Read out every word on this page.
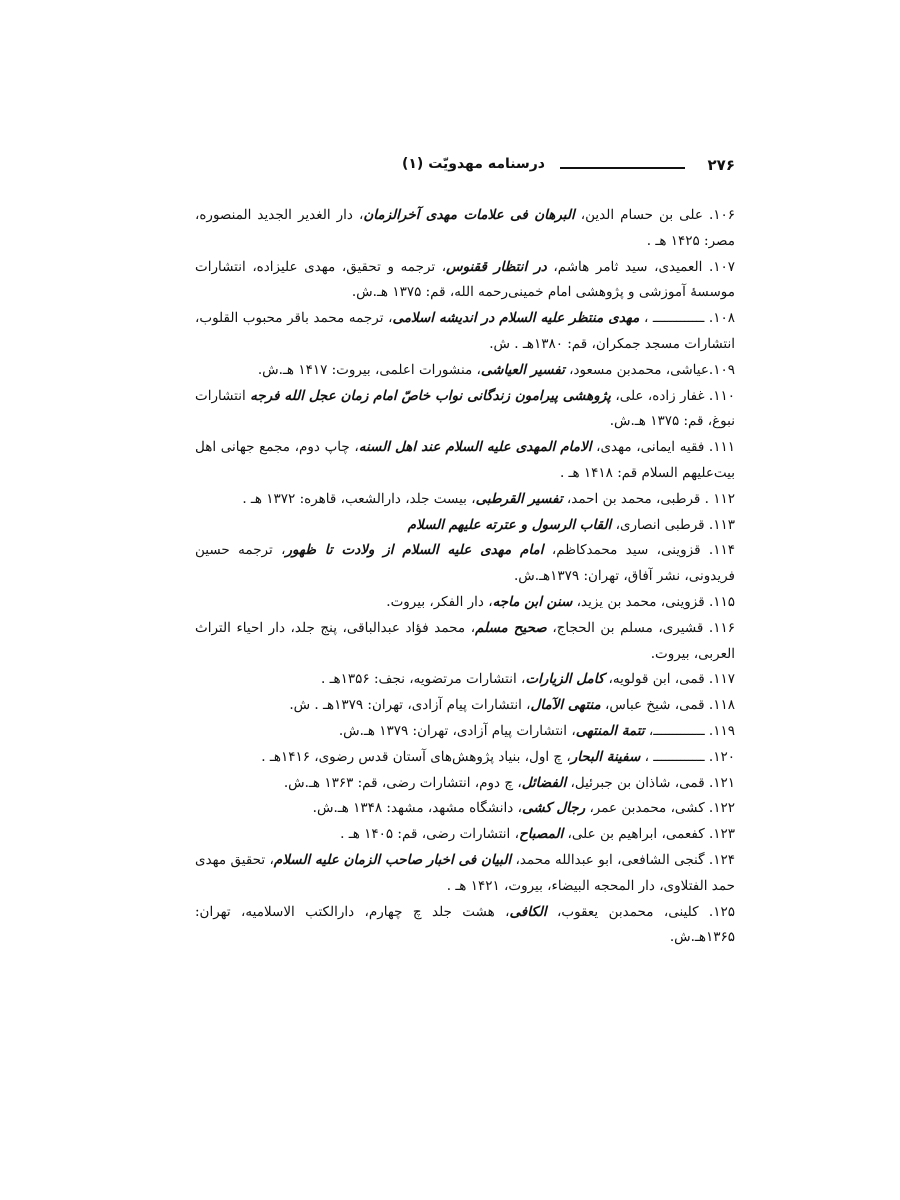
۲۷۶
درسنامه مهدویّت (۱)

۱۰۶. علی بن حسام الدین، البرهان فی علامات مهدی آخرالزمان، دار الغدیر الجدید المنصوره، مصر: ۱۴۲۵ هـ .

۱۰۷. العمیدی، سید ثامر هاشم، در انتظار ققنوس، ترجمه و تحقیق، مهدی علیزاده، انتشارات موسسهٔ آموزشی و پژوهشی امام خمینی‌رحمه الله، قم: ۱۳۷۵ هـ.ش.

۱۰۸. ـــــــــــــ ، مهدی منتظر علیه السلام در اندیشه اسلامی، ترجمه محمد باقر محبوب القلوب، انتشارات مسجد جمکران، قم: ۱۳۸۰هـ . ش.

۱۰۹.عیاشی، محمدبن مسعود، تفسیر العیاشی، منشورات اعلمی، بیروت: ۱۴۱۷ هـ.ش.

۱۱۰. غفار زاده، علی، پژوهشی پیرامون زندگانی نواب خاصّ امام زمان عجل الله فرجه انتشارات نبوغ، قم: ۱۳۷۵ هـ.ش.

۱۱۱. فقیه ایمانی، مهدی، الامام المهدی علیه السلام عند اهل السنه، چاپ دوم، مجمع جهانی اهل بیت‌علیهم السلام قم: ۱۴۱۸ هـ .

۱۱۲ . قرطبی، محمد بن احمد، تفسیر القرطبی، بیست جلد، دارالشعب، قاهره: ۱۳۷۲ هـ .

۱۱۳. قرطبی انصاری، القاب الرسول و عترته علیهم السلام

۱۱۴. قزوینی، سید محمدکاظم، امام مهدی علیه السلام از ولادت تا ظهور، ترجمه حسین فریدونی، نشر آفاق، تهران: ۱۳۷۹هـ.ش.

۱۱۵. قزوینی، محمد بن یزید، سنن ابن ماجه، دار الفکر، بیروت.

۱۱۶. قشیری، مسلم بن الحجاج، صحیح مسلم، محمد فؤاد عبدالباقی، پنج جلد، دار احیاء التراث العربی، بیروت.

۱۱۷. قمی، ابن قولویه، کامل الزیارات، انتشارات مرتضویه، نجف: ۱۳۵۶هـ .

۱۱۸. قمی، شیخ عباس، منتهی الآمال، انتشارات پیام آزادی، تهران: ۱۳۷۹هـ . ش.

۱۱۹. ـــــــــــــ، تتمة المنتهی، انتشارات پیام آزادی، تهران: ۱۳۷۹ هـ.ش.

۱۲۰. ـــــــــــــ ، سفینة البحار، چ اول، بنیاد پژوهش‌های آستان قدس رضوی، ۱۴۱۶هـ .

۱۲۱. قمی، شاذان بن جبرئیل، الفضائل، چ دوم، انتشارات رضی، قم: ۱۳۶۳ هـ.ش.

۱۲۲. کشی، محمدبن عمر، رجال کشی، دانشگاه مشهد، مشهد: ۱۳۴۸ هـ.ش.

۱۲۳. کفعمی، ابراهیم بن علی، المصباح، انتشارات رضی، قم: ۱۴۰۵ هـ .

۱۲۴. گنجی الشافعی، ابو عبدالله محمد، البیان فی اخبار صاحب الزمان علیه السلام، تحقیق مهدی حمد الفتلاوی، دار المحجه البیضاء، بیروت، ۱۴۲۱ هـ .

۱۲۵. کلینی، محمدبن یعقوب، الکافی، هشت جلد چ چهارم، دارالکتب الاسلامیه، تهران: ۱۳۶۵هـ.ش.
